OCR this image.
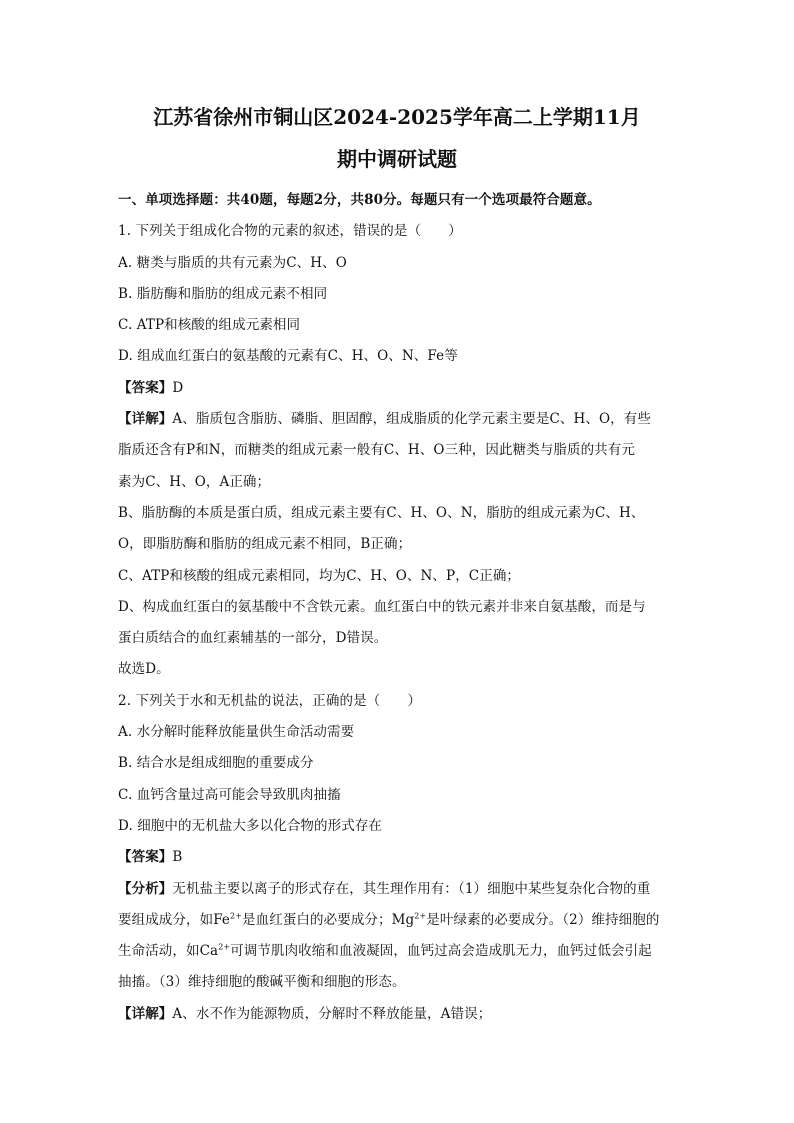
江苏省徐州市铜山区2024-2025学年高二上学期11月
期中调研试题
一、单项选择题：共40题，每题2分，共80分。每题只有一个选项最符合题意。
1. 下列关于组成化合物的元素的叙述，错误的是（　　）
A. 糖类与脂质的共有元素为C、H、O
B. 脂肪酶和脂肪的组成元素不相同
C. ATP和核酸的组成元素相同
D. 组成血红蛋白的氨基酸的元素有C、H、O、N、Fe等
【答案】D
【详解】A、脂质包含脂肪、磷脂、胆固醇，组成脂质的化学元素主要是C、H、O，有些
脂质还含有P和N，而糖类的组成元素一般有C、H、O三种，因此糖类与脂质的共有元
素为C、H、O，A正确；
B、脂肪酶的本质是蛋白质，组成元素主要有C、H、O、N，脂肪的组成元素为C、H、
O，即脂肪酶和脂肪的组成元素不相同，B正确；
C、ATP和核酸的组成元素相同，均为C、H、O、N、P，C正确；
D、构成血红蛋白的氨基酸中不含铁元素。血红蛋白中的铁元素并非来自氨基酸，而是与
蛋白质结合的血红素辅基的一部分，D错误。
故选D。
2. 下列关于水和无机盐的说法，正确的是（　　）
A. 水分解时能释放能量供生命活动需要
B. 结合水是组成细胞的重要成分
C. 血钙含量过高可能会导致肌肉抽搐
D. 细胞中的无机盐大多以化合物的形式存在
【答案】B
【分析】无机盐主要以离子的形式存在，其生理作用有：（1）细胞中某些复杂化合物的重
要组成成分，如$Fe^{2+}$是血红蛋白的必要成分；$Mg^{2+}$是叶绿素的必要成分。（2）维持细胞的
生命活动，如$Ca^{2+}$可调节肌肉收缩和血液凝固，血钙过高会造成肌无力，血钙过低会引起
抽搐。（3）维持细胞的酸碱平衡和细胞的形态。
【详解】A、水不作为能源物质，分解时不释放能量，A错误；
